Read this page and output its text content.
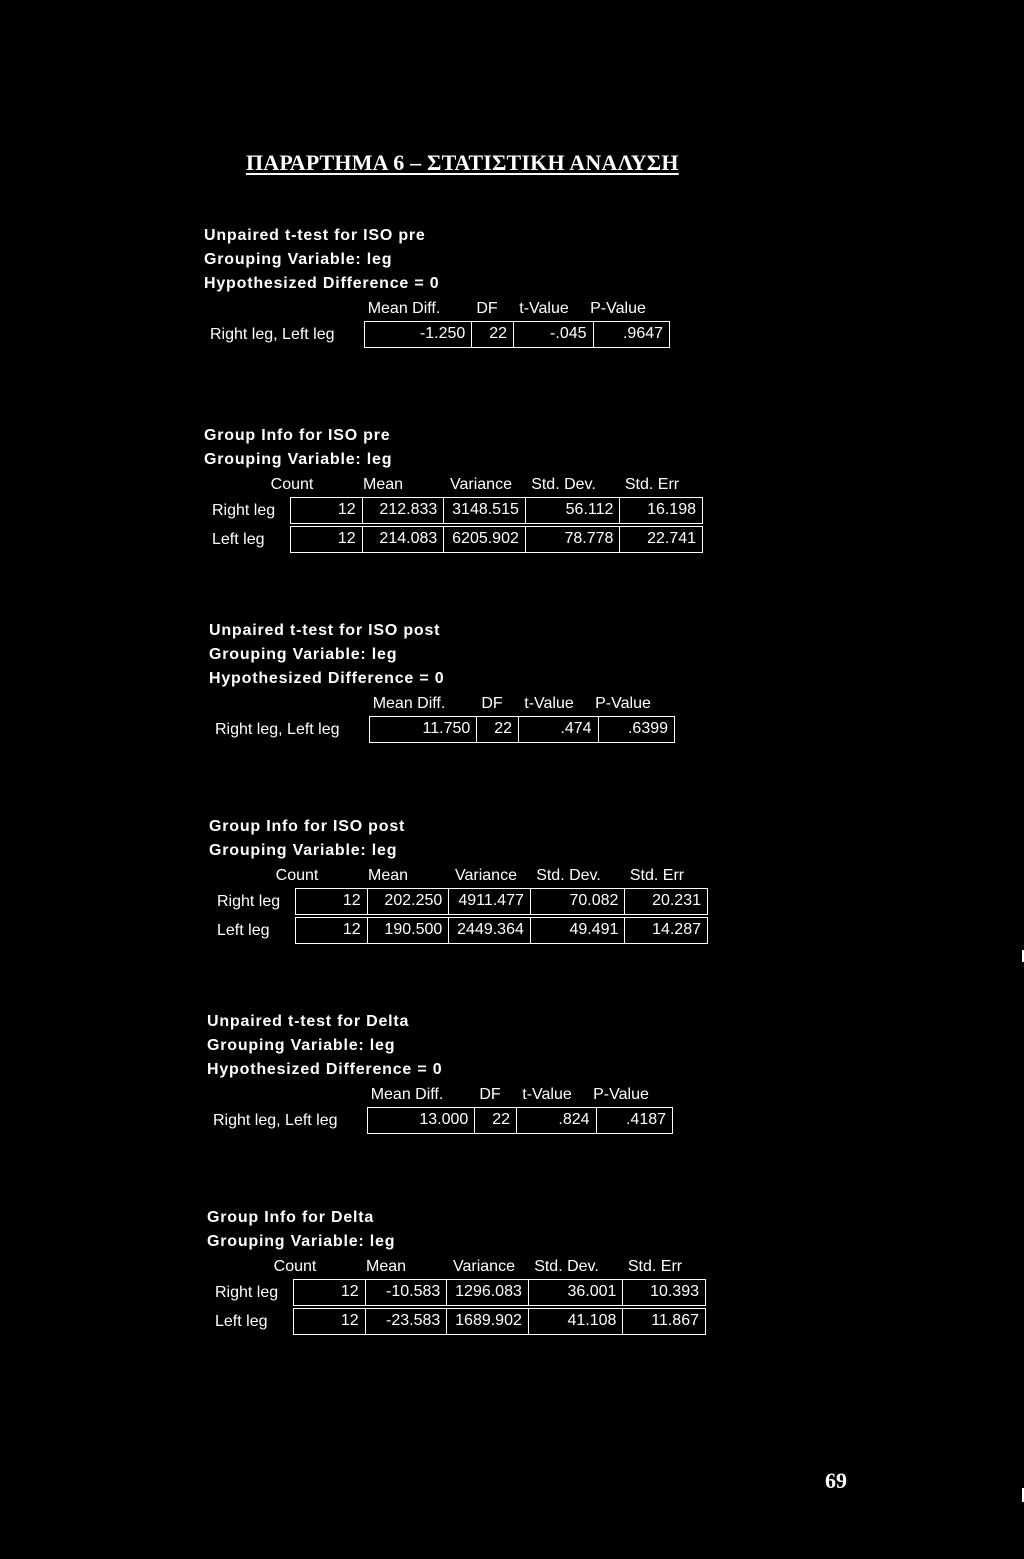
ΠΑΡΑΡΤΗΜΑ 6 – ΣΤΑΤΙΣΤΙΚΗ ΑΝΑΛΥΣΗ
Unpaired t-test for ISO pre
Grouping Variable: leg
Hypothesized Difference = 0
Mean Diff. DF t-Value P-Value
Right leg, Left leg	-1.250	22	-.045	.9647
Group Info for ISO pre
Grouping Variable: leg
Count	Mean	Variance Std. Dev. Std. Err
Right leg	12	212.833 3148.515	56.112	16.198
Left leg	12	214.083 6205.902	78.778	22.741
Unpaired t-test for ISO post
Grouping Variable: leg
Hypothesized Difference = 0
Mean Diff. DF t-Value P-Value
Right leg, Left leg	11.750	22	.474	.6399
Group Info for ISO post
Grouping Variable: leg
Count	Mean	Variance Std. Dev. Std. Err
Right leg	12	202.250	4911.477	70.082	20.231
Left leg	12	190.500 2449.364	49.491	14.287
Unpaired t-test for Delta
Grouping Variable: leg
Hypothesized Difference = 0
Mean Diff. DF t-Value P-Value
Right leg, Left leg	13.000	22	.824	.4187
Group Info for Delta
Grouping Variable: leg
Count	Mean	Variance Std. Dev. Std. Err
Right leg	12	-10.583 1296.083	36.001	10.393
Left leg	12	-23.583 1689.902	41.108	11.867
69
